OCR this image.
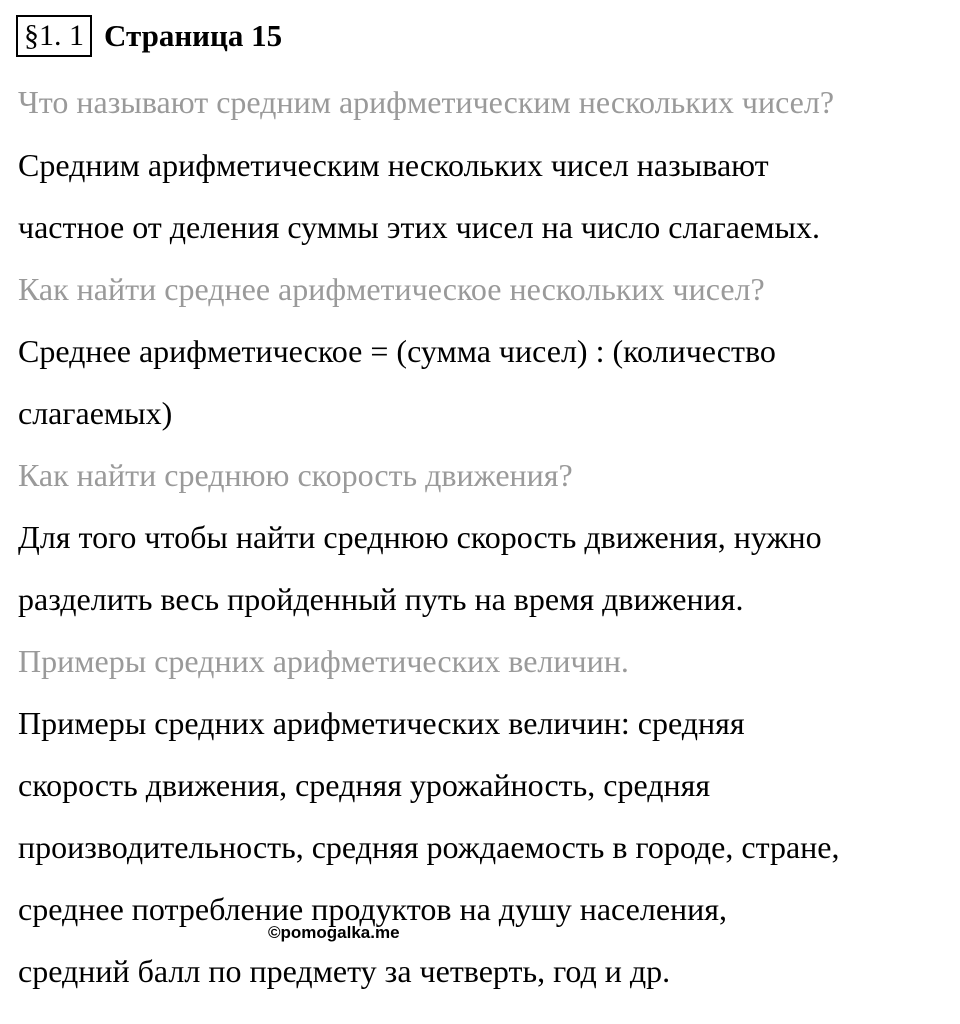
§1. 1 Страница 15
Что называют средним арифметическим нескольких чисел?
Средним арифметическим нескольких чисел называют
частное от деления суммы этих чисел на число слагаемых.
Как найти среднее арифметическое нескольких чисел?
Среднее арифметическое = (сумма чисел) : (количество
слагаемых)
Как найти среднюю скорость движения?
Для того чтобы найти среднюю скорость движения, нужно
разделить весь пройденный путь на время движения.
Примеры средних арифметических величин.
Примеры средних арифметических величин: средняя
скорость движения, средняя урожайность, средняя
производительность, средняя рождаемость в городе, стране,
среднее потребление продуктов на душу населения,
средний балл по предмету за четверть, год и др.
©pomogalka.me
